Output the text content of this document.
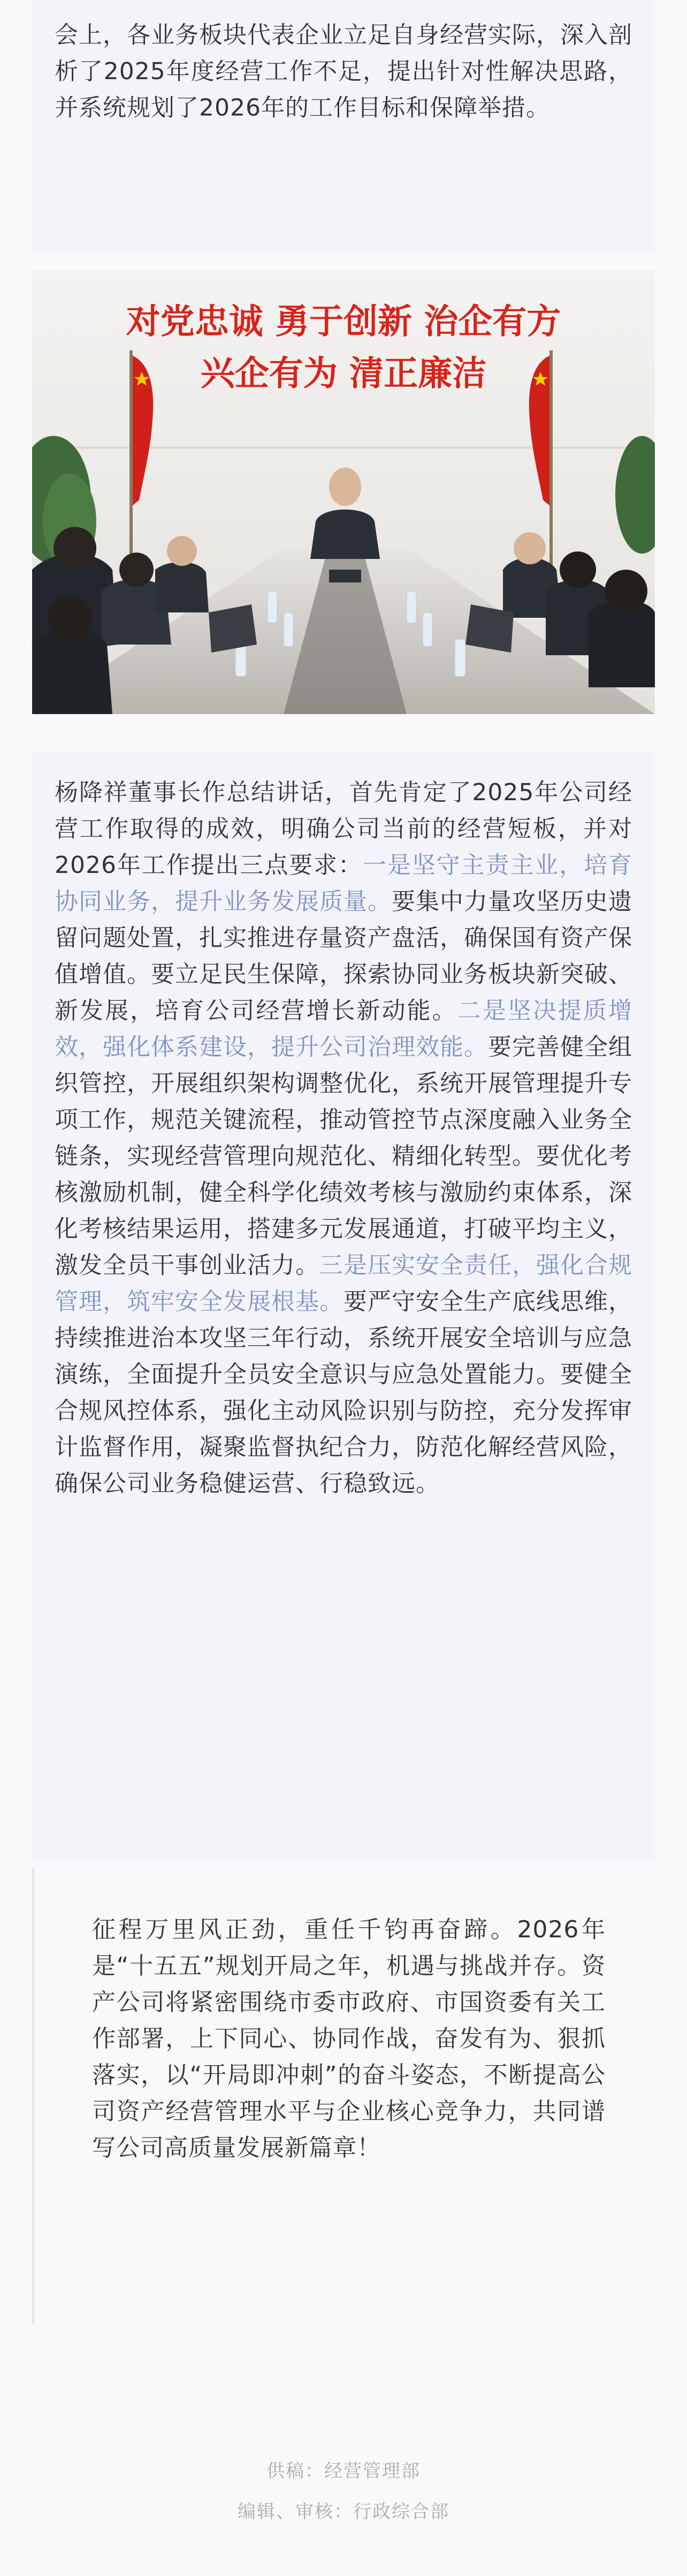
会上，各业务板块代表企业立足自身经营实际，深入剖析了2025年度经营工作不足，提出针对性解决思路，并系统规划了2026年的工作目标和保障举措。

对党忠诚 勇于创新 治企有方
兴企有为 清正廉洁

杨降祥董事长作总结讲话，首先肯定了2025年公司经营工作取得的成效，明确公司当前的经营短板，并对2026年工作提出三点要求：一是坚守主责主业，培育协同业务，提升业务发展质量。要集中力量攻坚历史遗留问题处置，扎实推进存量资产盘活，确保国有资产保值增值。要立足民生保障，探索协同业务板块新突破、新发展，培育公司经营增长新动能。二是坚决提质增效，强化体系建设，提升公司治理效能。要完善健全组织管控，开展组织架构调整优化，系统开展管理提升专项工作，规范关键流程，推动管控节点深度融入业务全链条，实现经营管理向规范化、精细化转型。要优化考核激励机制，健全科学化绩效考核与激励约束体系，深化考核结果运用，搭建多元发展通道，打破平均主义，激发全员干事创业活力。三是压实安全责任，强化合规管理，筑牢安全发展根基。要严守安全生产底线思维，持续推进治本攻坚三年行动，系统开展安全培训与应急演练，全面提升全员安全意识与应急处置能力。要健全合规风控体系，强化主动风险识别与防控，充分发挥审计监督作用，凝聚监督执纪合力，防范化解经营风险，确保公司业务稳健运营、行稳致远。

征程万里风正劲，重任千钧再奋蹄。2026年是“十五五”规划开局之年，机遇与挑战并存。资产公司将紧密围绕市委市政府、市国资委有关工作部署，上下同心、协同作战，奋发有为、狠抓落实，以“开局即冲刺”的奋斗姿态，不断提高公司资产经营管理水平与企业核心竞争力，共同谱写公司高质量发展新篇章！

供稿：经营管理部
编辑、审核：行政综合部
